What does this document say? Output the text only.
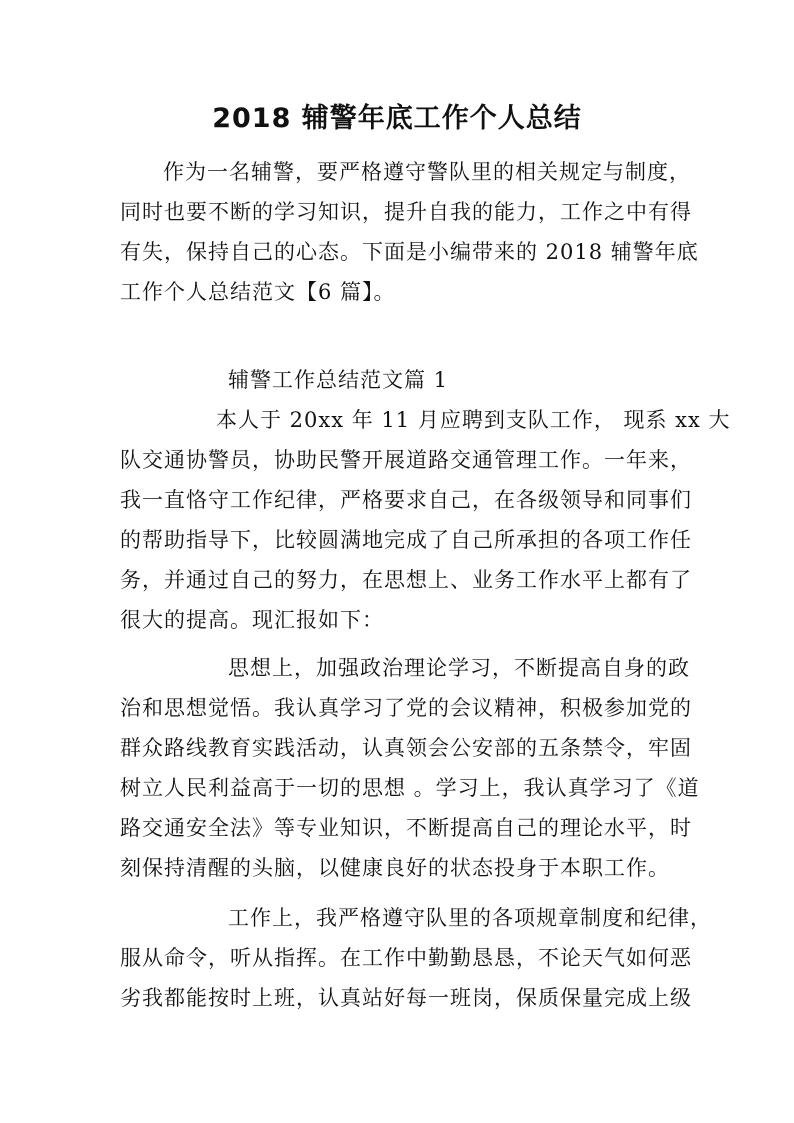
2018 辅警年底工作个人总结
作为一名辅警，要严格遵守警队里的相关规定与制度，
同时也要不断的学习知识，提升自我的能力，工作之中有得
有失，保持自己的心态。下面是小编带来的 2018 辅警年底
工作个人总结范文【6 篇】。
辅警工作总结范文篇 1
本人于 20xx 年 11 月应聘到支队工作， 现系 xx 大
队交通协警员，协助民警开展道路交通管理工作。一年来，
我一直恪守工作纪律，严格要求自己，在各级领导和同事们
的帮助指导下，比较圆满地完成了自己所承担的各项工作任
务，并通过自己的努力，在思想上、业务工作水平上都有了
很大的提高。现汇报如下：
思想上，加强政治理论学习，不断提高自身的政
治和思想觉悟。我认真学习了党的会议精神，积极参加党的
群众路线教育实践活动，认真领会公安部的五条禁令，牢固
树立人民利益高于一切的思想 。学习上，我认真学习了《道
路交通安全法》等专业知识，不断提高自己的理论水平，时
刻保持清醒的头脑，以健康良好的状态投身于本职工作。
工作上，我严格遵守队里的各项规章制度和纪律，
服从命令，听从指挥。在工作中勤勤恳恳，不论天气如何恶
劣我都能按时上班，认真站好每一班岗，保质保量完成上级
